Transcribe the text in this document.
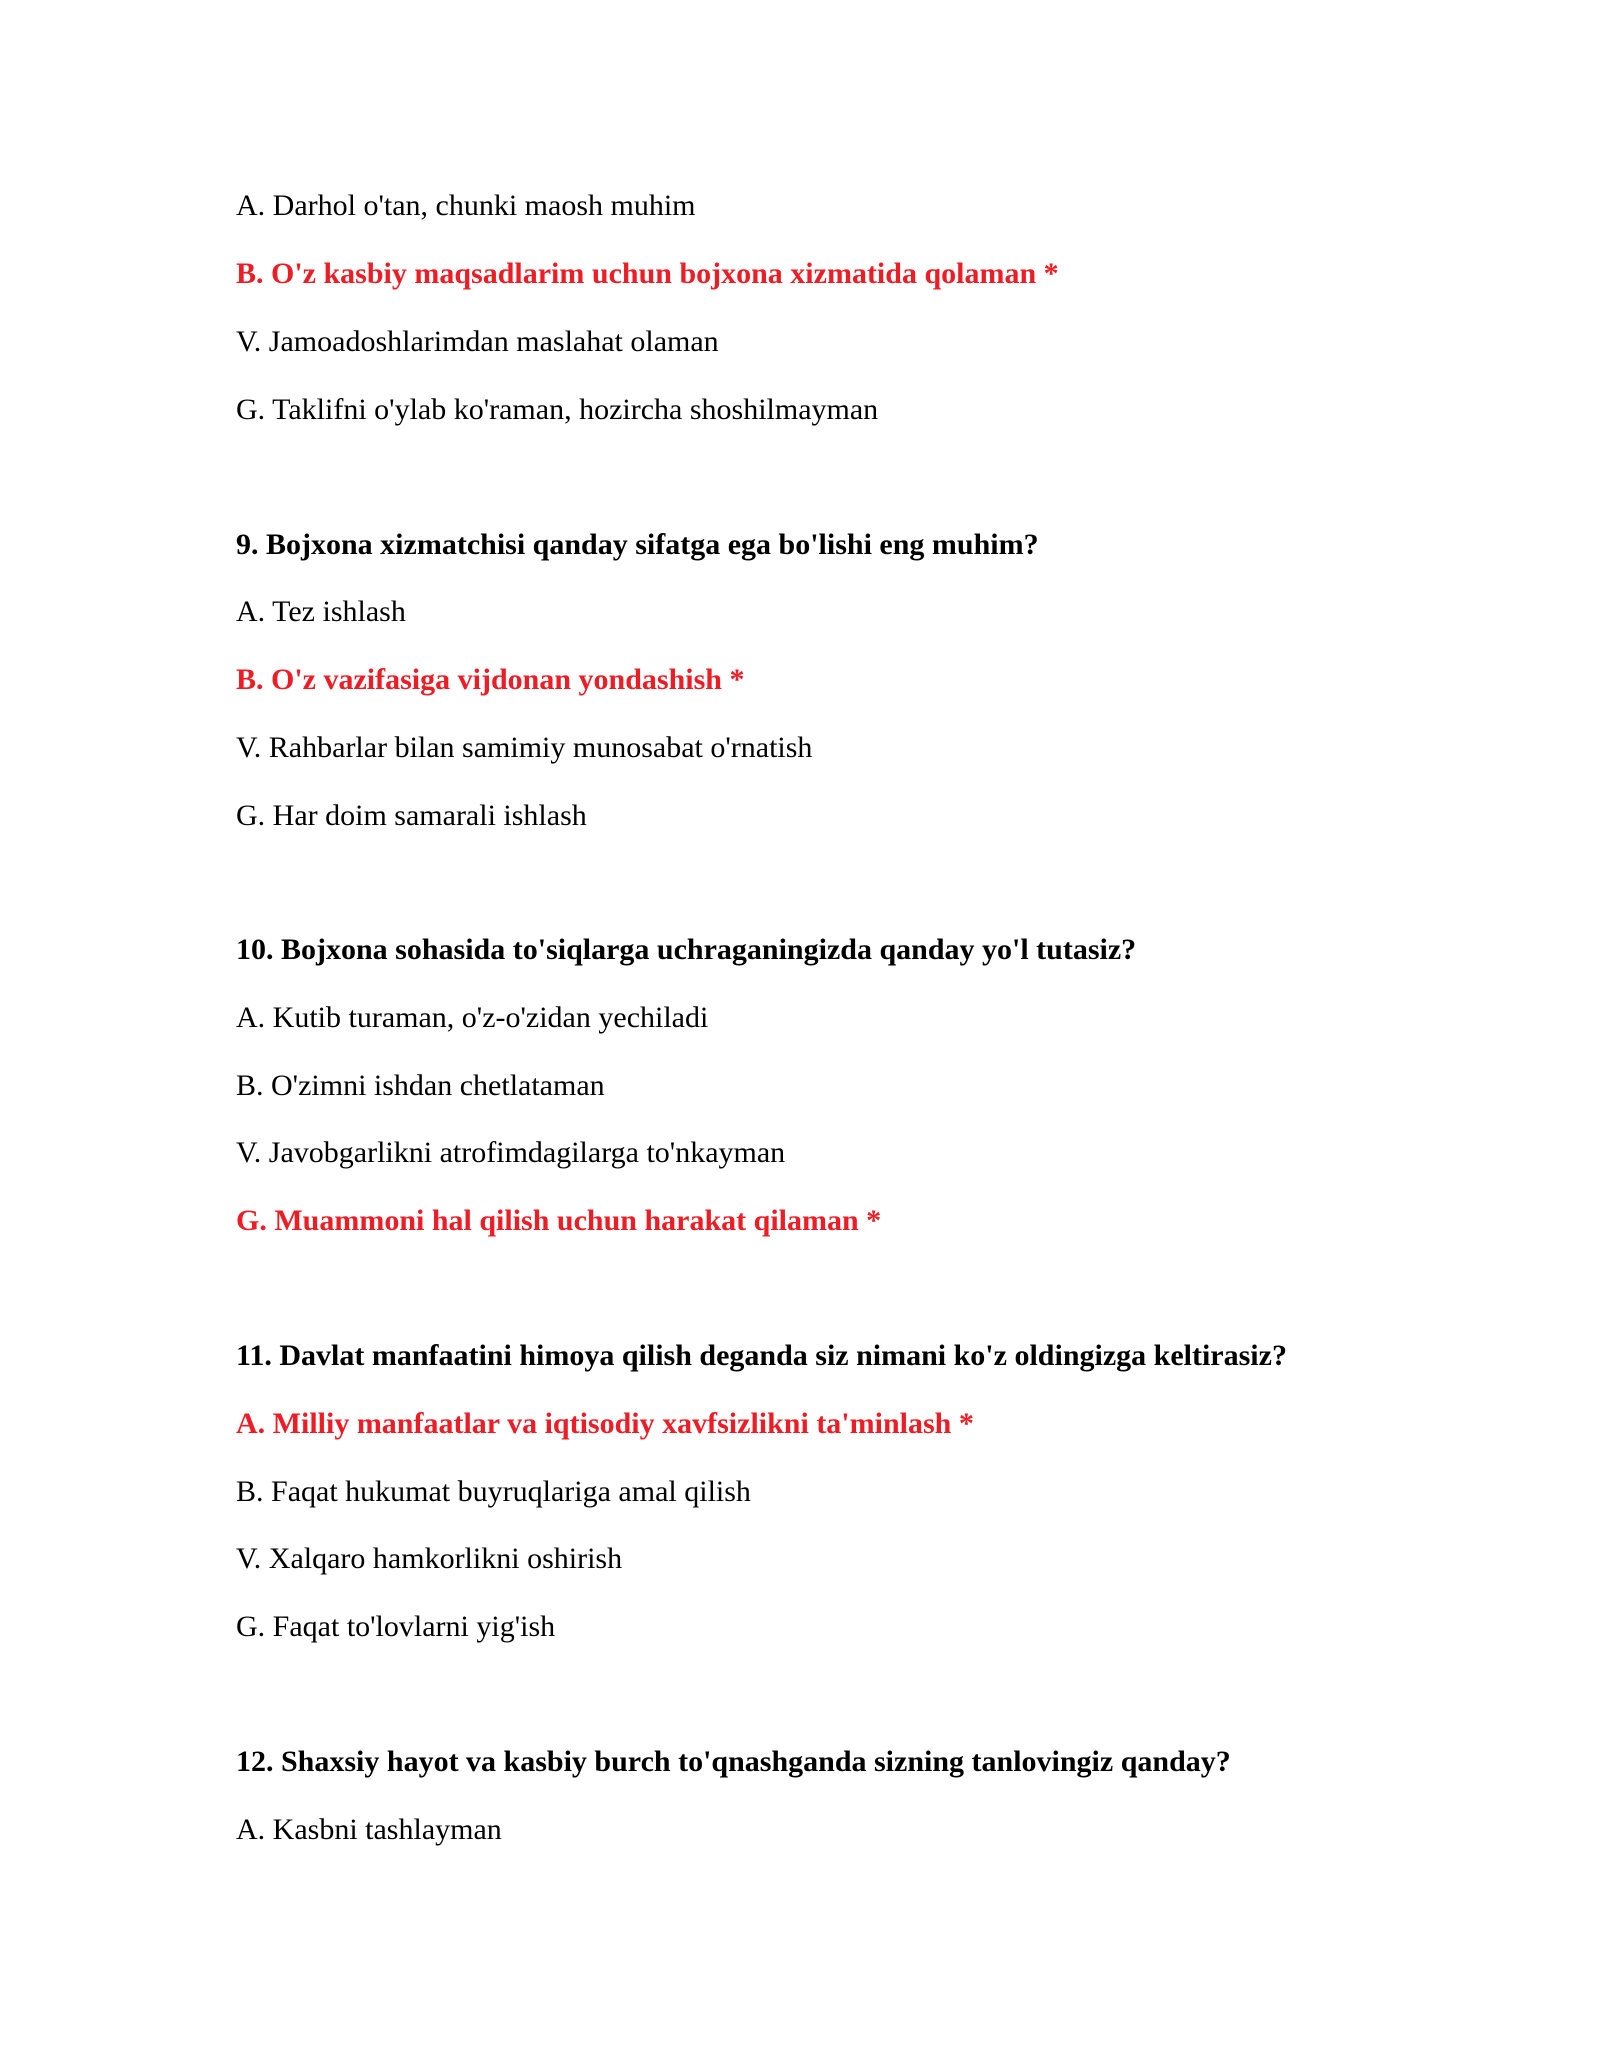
A. Darhol o'tan, chunki maosh muhim

B. O'z kasbiy maqsadlarim uchun bojxona xizmatida qolaman *

V. Jamoadoshlarimdan maslahat olaman

G. Taklifni o'ylab ko'raman, hozircha shoshilmayman

9. Bojxona xizmatchisi qanday sifatga ega bo'lishi eng muhim?

A. Tez ishlash

B. O'z vazifasiga vijdonan yondashish *

V. Rahbarlar bilan samimiy munosabat o'rnatish

G. Har doim samarali ishlash

10. Bojxona sohasida to'siqlarga uchraganingizda qanday yo'l tutasiz?

A. Kutib turaman, o'z-o'zidan yechiladi

B. O'zimni ishdan chetlataman

V. Javobgarlikni atrofimdagilarga to'nkayman

G. Muammoni hal qilish uchun harakat qilaman *

11. Davlat manfaatini himoya qilish deganda siz nimani ko'z oldingizga keltirasiz?

A. Milliy manfaatlar va iqtisodiy xavfsizlikni ta'minlash *

B. Faqat hukumat buyruqlariga amal qilish

V. Xalqaro hamkorlikni oshirish

G. Faqat to'lovlarni yig'ish

12. Shaxsiy hayot va kasbiy burch to'qnashganda sizning tanlovingiz qanday?

A. Kasbni tashlayman
